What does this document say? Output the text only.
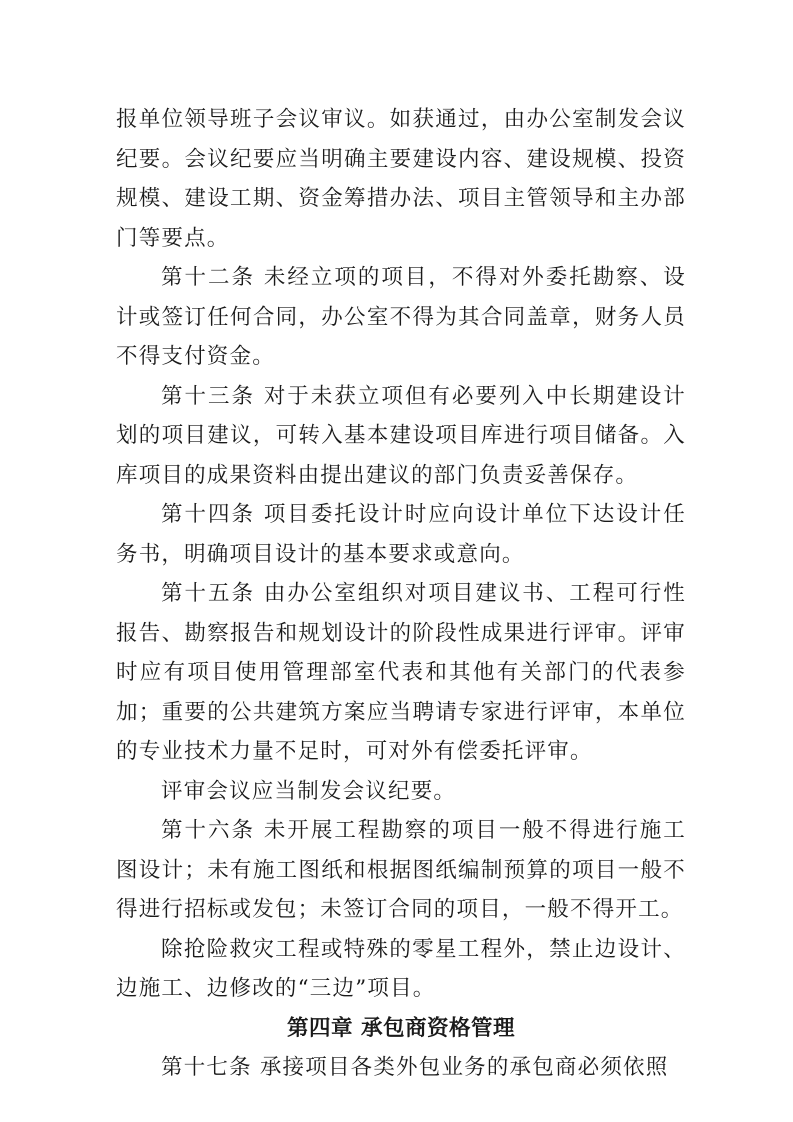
报单位领导班子会议审议。如获通过，由办公室制发会议纪要。会议纪要应当明确主要建设内容、建设规模、投资规模、建设工期、资金筹措办法、项目主管领导和主办部门等要点。

第十二条 未经立项的项目，不得对外委托勘察、设计或签订任何合同，办公室不得为其合同盖章，财务人员不得支付资金。

第十三条 对于未获立项但有必要列入中长期建设计划的项目建议，可转入基本建设项目库进行项目储备。入库项目的成果资料由提出建议的部门负责妥善保存。

第十四条 项目委托设计时应向设计单位下达设计任务书，明确项目设计的基本要求或意向。

第十五条 由办公室组织对项目建议书、工程可行性报告、勘察报告和规划设计的阶段性成果进行评审。评审时应有项目使用管理部室代表和其他有关部门的代表参加；重要的公共建筑方案应当聘请专家进行评审，本单位的专业技术力量不足时，可对外有偿委托评审。

评审会议应当制发会议纪要。

第十六条 未开展工程勘察的项目一般不得进行施工图设计；未有施工图纸和根据图纸编制预算的项目一般不得进行招标或发包；未签订合同的项目，一般不得开工。

除抢险救灾工程或特殊的零星工程外，禁止边设计、边施工、边修改的“三边”项目。

第四章 承包商资格管理

第十七条 承接项目各类外包业务的承包商必须依照
